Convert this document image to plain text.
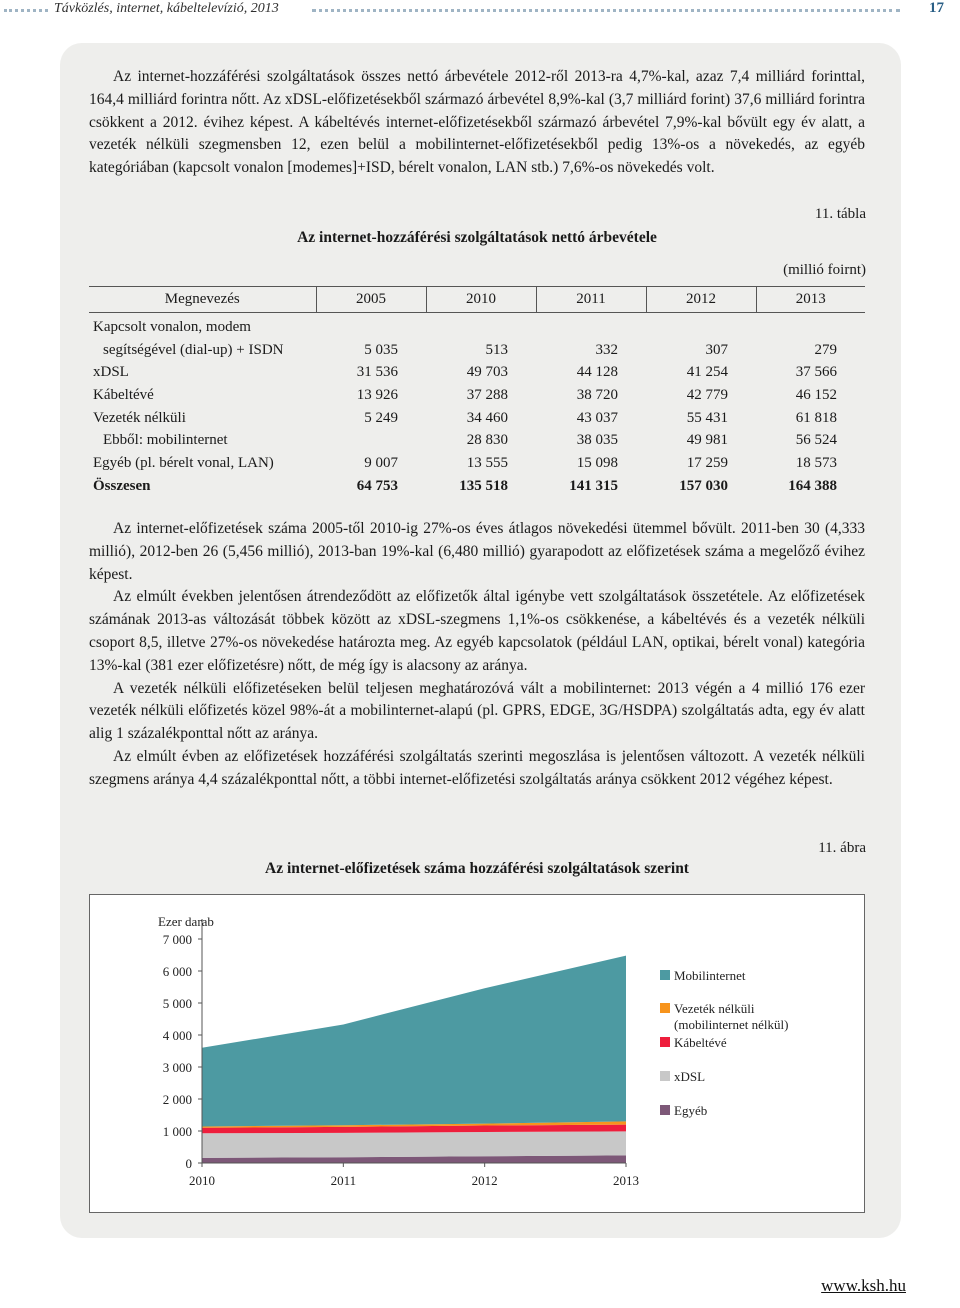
Távközlés, internet, kábeltelevízió, 2013	17

Az internet-hozzáférési szolgáltatások összes nettó árbevétele 2012-ről 2013-ra 4,7%-kal, azaz 7,4 milliárd forinttal, 164,4 milliárd forintra nőtt. Az xDSL-előfizetésekből származó árbevétel 8,9%-kal (3,7 milliárd forint) 37,6 milliárd forintra csökkent a 2012. évihez képest. A kábeltévés internet-előfizetésekből származó árbevétel 7,9%-kal bővült egy év alatt, a vezeték nélküli szegmensben 12, ezen belül a mobilinternet-előfizetésekből pedig 13%-os a növekedés, az egyéb kategóriában (kapcsolt vonalon [modemes]+ISD, bérelt vonalon, LAN stb.) 7,6%-os növekedés volt.

11. tábla
Az internet-hozzáférési szolgáltatások nettó árbevétele
(millió foirnt)
Megnevezés	2005	2010	2011	2012	2013
Kapcsolt vonalon, modem					
segítségével (dial-up) + ISDN	5 035	513	332	307	279
xDSL	31 536	49 703	44 128	41 254	37 566
Kábeltévé	13 926	37 288	38 720	42 779	46 152
Vezeték nélküli	5 249	34 460	43 037	55 431	61 818
Ebből: mobilinternet		28 830	38 035	49 981	56 524
Egyéb (pl. bérelt vonal, LAN)	9 007	13 555	15 098	17 259	18 573
Összesen	64 753	135 518	141 315	157 030	164 388

Az internet-előfizetések száma 2005-től 2010-ig 27%-os éves átlagos növekedési ütemmel bővült. 2011-ben 30 (4,333 millió), 2012-ben 26 (5,456 millió), 2013-ban 19%-kal (6,480 millió) gyarapodott az előfizetések száma a megelőző évihez képest.

Az elmúlt években jelentősen átrendeződött az előfizetők által igénybe vett szolgáltatások összetétele. Az előfizetések számának 2013-as változását többek között az xDSL-szegmens 1,1%-os csökkenése, a kábeltévés és a vezeték nélküli csoport 8,5, illetve 27%-os növekedése határozta meg. Az egyéb kapcsolatok (például LAN, optikai, bérelt vonal) kategória 13%-kal (381 ezer előfizetésre) nőtt, de még így is alacsony az aránya.

A vezeték nélküli előfizetéseken belül teljesen meghatározóvá vált a mobilinternet: 2013 végén a 4 millió 176 ezer vezeték nélküli előfizetés közel 98%-át a mobilinternet-alapú (pl. GPRS, EDGE, 3G/HSDPA) szolgáltatás adta, egy év alatt alig 1 százalékponttal nőtt az aránya.

Az elmúlt évben az előfizetések hozzáférési szolgáltatás szerinti megoszlása is jelentősen változott. A vezeték nélküli szegmens aránya 4,4 százalékponttal nőtt, a többi internet-előfizetési szolgáltatás aránya csökkent 2012 végéhez képest.

11. ábra
Az internet-előfizetések száma hozzáférési szolgáltatások szerint
0
1 000
2 000
3 000
4 000
5 000
6 000
7 000
Ezer darab
2010	2011	2012	2013
Mobilinternet
Vezeték nélküli (mobilinternet nélkül)
Kábeltévé
xDSL
Egyéb
www.ksh.hu
